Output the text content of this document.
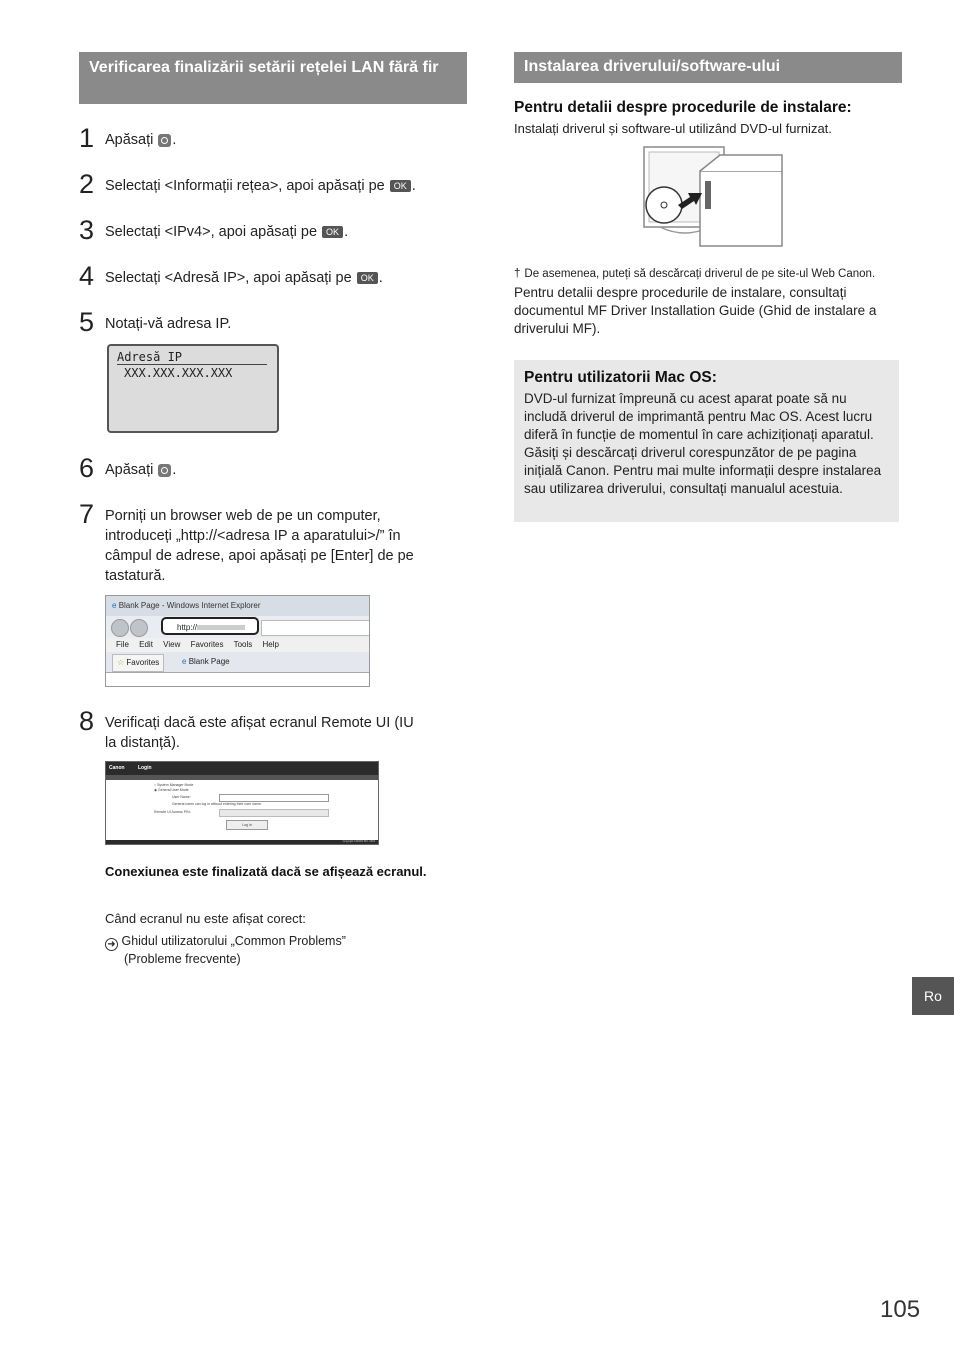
Verificarea finalizării setării rețelei LAN fără fir
1 Apăsați .
2 Selectați <Informații rețea>, apoi apăsați pe OK .
3 Selectați <IPv4>, apoi apăsați pe OK .
4 Selectați <Adresă IP>, apoi apăsați pe OK .
5 Notați-vă adresa IP.
Adresă IP
XXX.XXX.XXX.XXX
6 Apăsați .
7 Porniți un browser web de pe un computer, introduceți „http://<adresa IP a aparatului>/” în câmpul de adrese, apoi apăsați pe [Enter] de pe tastatură.
e Blank Page - Windows Internet Explorer
http://
File Edit View Favorites Tools Help
☆ Favorites	e Blank Page
8 Verificați dacă este afișat ecranul Remote UI (IU la distanță).
Canon	Login
○ System Manager Mode
◉ General User Mode
User Name:
General users can log in without entering their user name.
Remote UI Access PIN:
Log In
Copyright CANON INC. 2013
Conexiunea este finalizată dacă se afișează ecranul.
Când ecranul nu este afișat corect:
➜ Ghidul utilizatorului „Common Problems”
(Probleme frecvente)
Instalarea driverului/software-ului
Pentru detalii despre procedurile de instalare:
Instalați driverul și software-ul utilizând DVD-ul furnizat.
† De asemenea, puteți să descărcați driverul de pe site-ul Web Canon.
Pentru detalii despre procedurile de instalare, consultați documentul MF Driver Installation Guide (Ghid de instalare a driverului MF).
Pentru utilizatorii Mac OS:
DVD-ul furnizat împreună cu acest aparat poate să nu includă driverul de imprimantă pentru Mac OS. Acest lucru diferă în funcție de momentul în care achiziționați aparatul. Găsiți și descărcați driverul corespunzător de pe pagina inițială Canon. Pentru mai multe informații despre instalarea sau utilizarea driverului, consultați manualul acestuia.
Ro
105
